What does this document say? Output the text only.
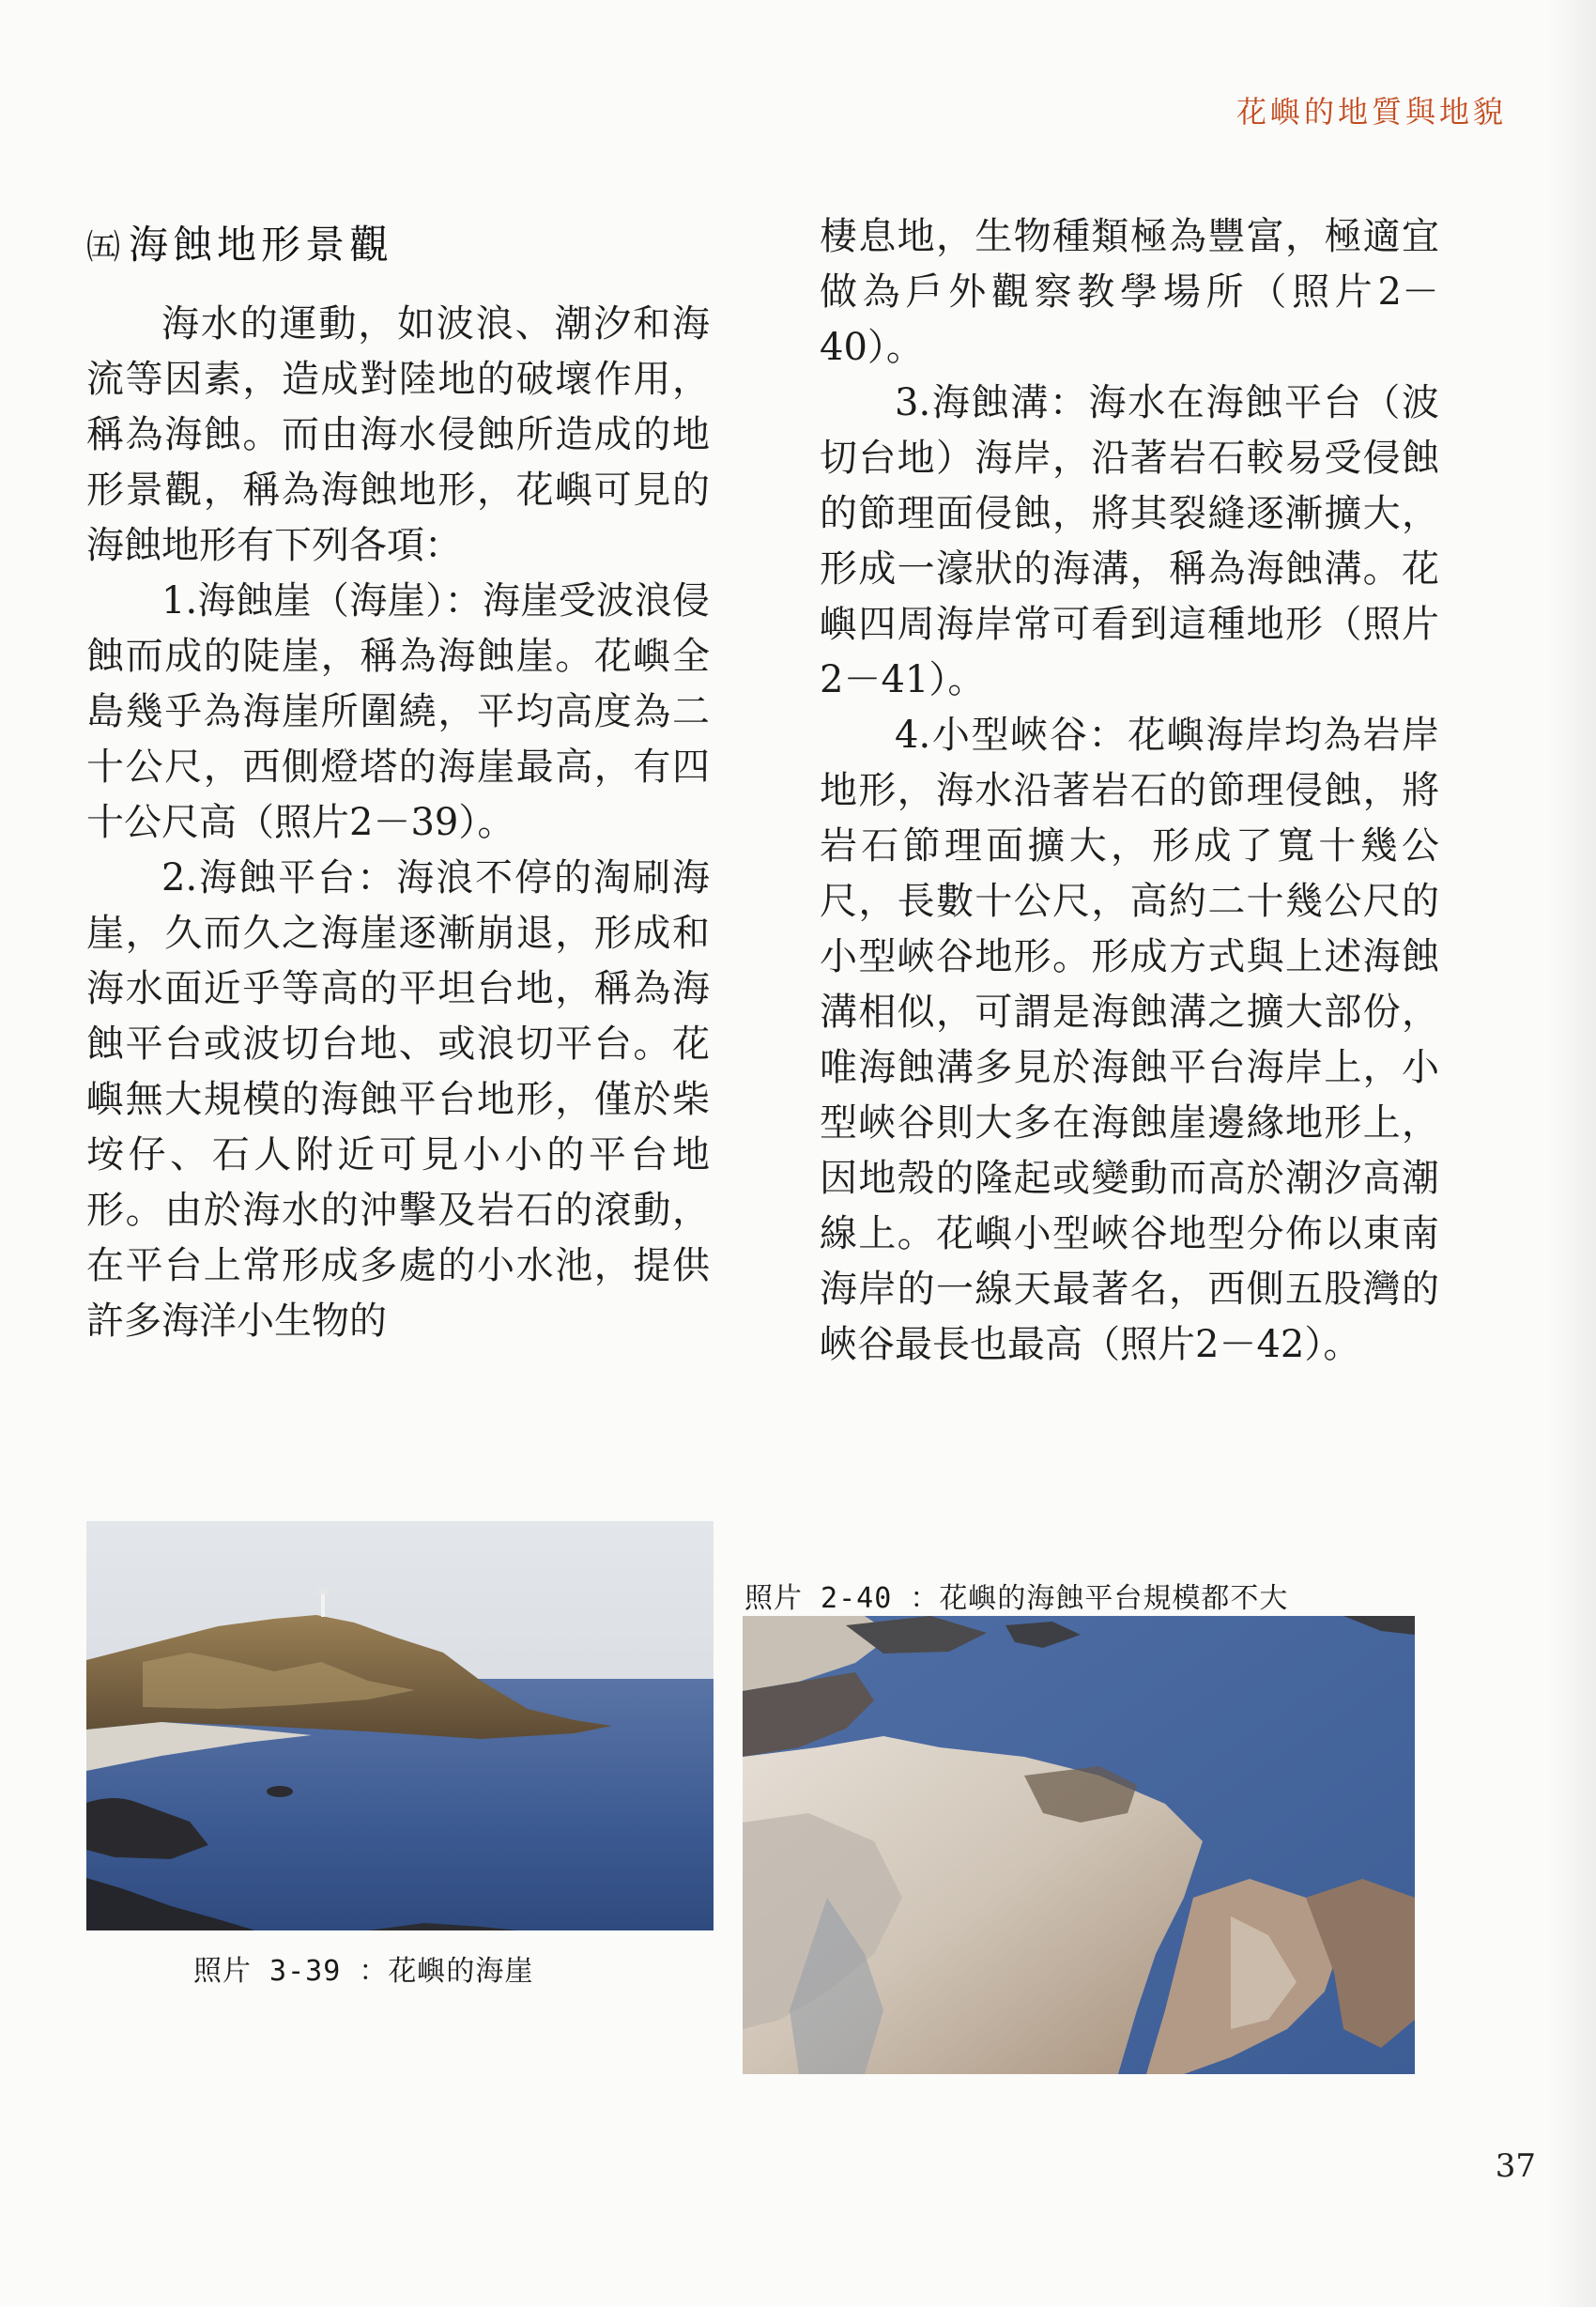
花嶼的地質與地貌
㈤海蝕地形景觀

海水的運動，如波浪、潮汐和海流等因素，造成對陸地的破壞作用，稱為海蝕。而由海水侵蝕所造成的地形景觀，稱為海蝕地形，花嶼可見的海蝕地形有下列各項：

1.海蝕崖（海崖）：海崖受波浪侵蝕而成的陡崖，稱為海蝕崖。花嶼全島幾乎為海崖所圍繞，平均高度為二十公尺，西側燈塔的海崖最高，有四十公尺高（照片2－39）。

2.海蝕平台：海浪不停的淘刷海崖，久而久之海崖逐漸崩退，形成和海水面近乎等高的平坦台地，稱為海蝕平台或波切台地、或浪切平台。花嶼無大規模的海蝕平台地形，僅於柴垵仔、石人附近可見小小的平台地形。由於海水的沖擊及岩石的滾動，在平台上常形成多處的小水池，提供許多海洋小生物的

棲息地，生物種類極為豐富，極適宜做為戶外觀察教學場所（照片2－40）。

3.海蝕溝：海水在海蝕平台（波切台地）海岸，沿著岩石較易受侵蝕的節理面侵蝕，將其裂縫逐漸擴大，形成一濠狀的海溝，稱為海蝕溝。花嶼四周海岸常可看到這種地形（照片2－41）。

4.小型峽谷：花嶼海岸均為岩岸地形，海水沿著岩石的節理侵蝕，將岩石節理面擴大，形成了寬十幾公尺，長數十公尺，高約二十幾公尺的小型峽谷地形。形成方式與上述海蝕溝相似，可謂是海蝕溝之擴大部份，唯海蝕溝多見於海蝕平台海岸上，小型峽谷則大多在海蝕崖邊緣地形上，因地殼的隆起或變動而高於潮汐高潮線上。花嶼小型峽谷地型分佈以東南海岸的一線天最著名，西側五股灣的峽谷最長也最高（照片2－42）。

照片 3-39 ：花嶼的海崖
照片 2-40 ：花嶼的海蝕平台規模都不大
37
